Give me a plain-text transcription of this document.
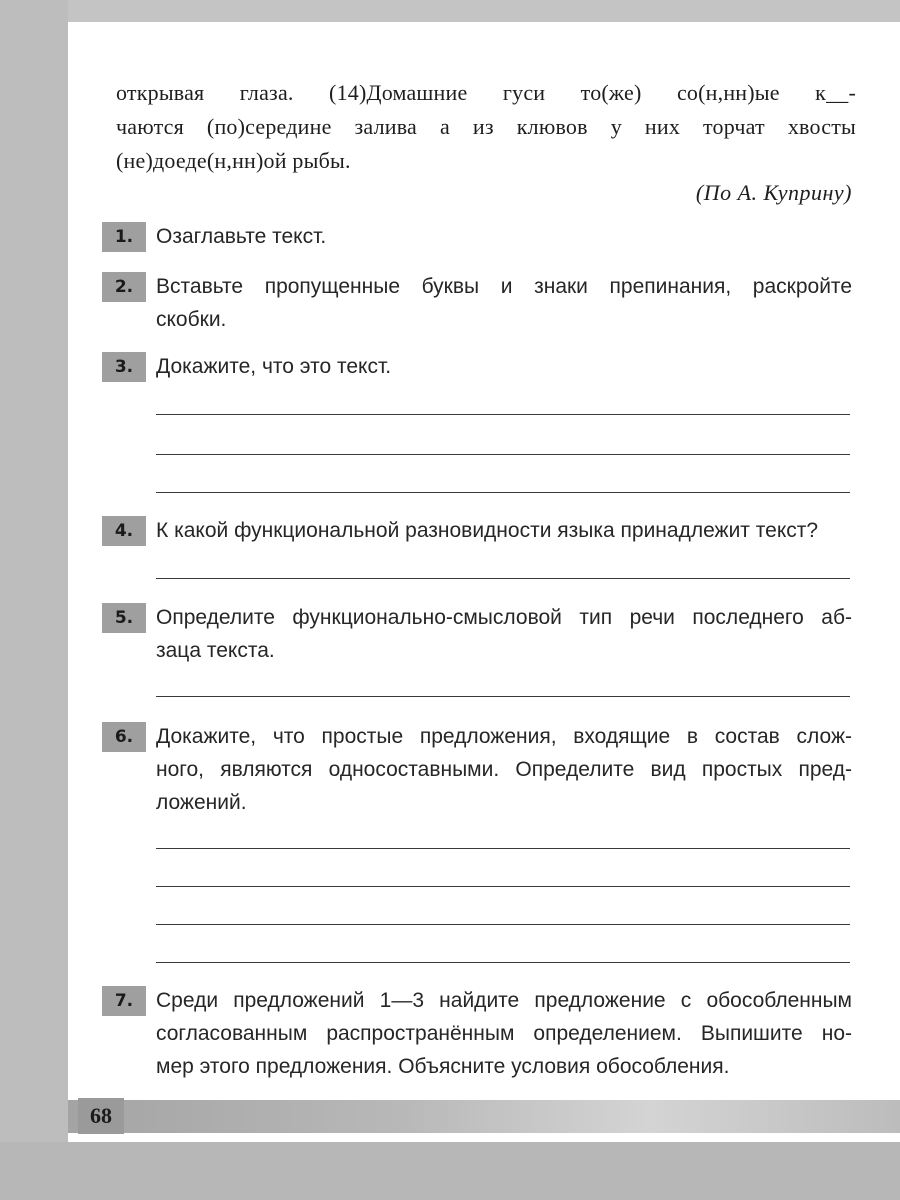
открывая глаза. (14)Домашние гуси то(же) со(н,нн)ые к__-
чаются (по)середине залива а из клювов у них торчат хвосты
(не)доеде(н,нн)ой рыбы.
(По А. Куприну)
1.	Озаглавьте текст.
2.	Вставьте пропущенные буквы и знаки препинания, раскройте
скобки.
3.	Докажите, что это текст.
4.	К какой функциональной разновидности языка принадлежит текст?
5.	Определите функционально-смысловой тип речи последнего аб-
заца текста.
6.	Докажите, что простые предложения, входящие в состав слож-
ного, являются односоставными. Определите вид простых пред-
ложений.
7.	Среди предложений 1—3 найдите предложение с обособленным
согласованным распространённым определением. Выпишите но-
мер этого предложения. Объясните условия обособления.
68
